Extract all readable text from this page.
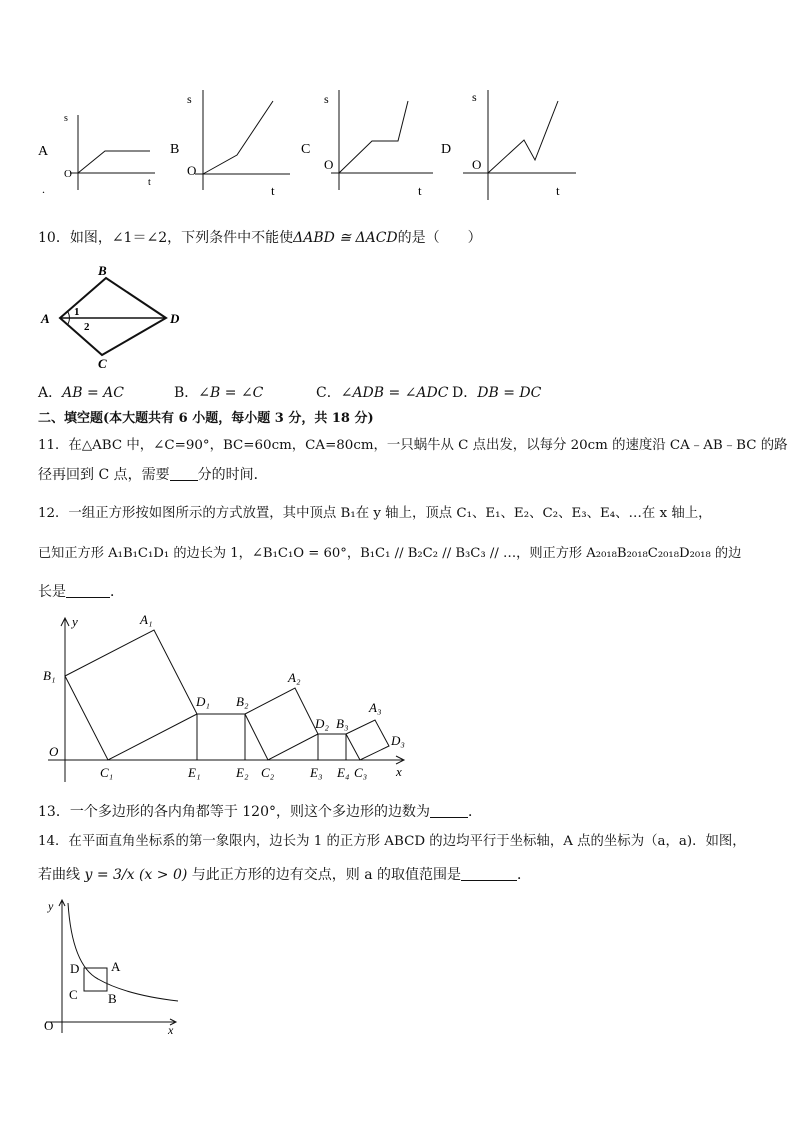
A
s
O
t
.
B
s
O
t
C
s
O
t
D
s
O
t
10．如图，∠1＝∠2，下列条件中不能使ΔABD ≅ ΔACD的是（　　）
A
B
C
D
1
2
A．AB = AC	B．∠B = ∠C	C．∠ADB = ∠ADC D．DB = DC
二、填空题(本大题共有 6 小题，每小题 3 分，共 18 分)
11．在△ABC 中，∠C=90°，BC=60cm，CA=80cm，一只蜗牛从 C 点出发，以每分 20cm 的速度沿 CA﹣AB﹣BC 的路
径再回到 C 点，需要 分的时间．
12．一组正方形按如图所示的方式放置，其中顶点 B₁在 y 轴上，顶点 C₁、E₁、E₂、C₂、E₃、E₄、…在 x 轴上，
已知正方形 A₁B₁C₁D₁ 的边长为 1，∠B₁C₁O = 60°，B₁C₁ // B₂C₂ // B₃C₃ // …，则正方形 A₂₀₁₈B₂₀₁₈C₂₀₁₈D₂₀₁₈ 的边
长是	．
y
x
O
A₁
B₁
C₁
D₁ B₂
A₂
C₂
D₂ B₃
A₃
C₃
D₃
E₁	E₂	E₃ E₄
13．一个多边形的各内角都等于 120°，则这个多边形的边数为	．
14．在平面直角坐标系的第一象限内，边长为 1 的正方形 ABCD 的边均平行于坐标轴，A 点的坐标为（a，a)．如图，
若曲线 y = 3/x (x > 0) 与此正方形的边有交点，则 a 的取值范围是	．
y
x
O
A
B
C
D
